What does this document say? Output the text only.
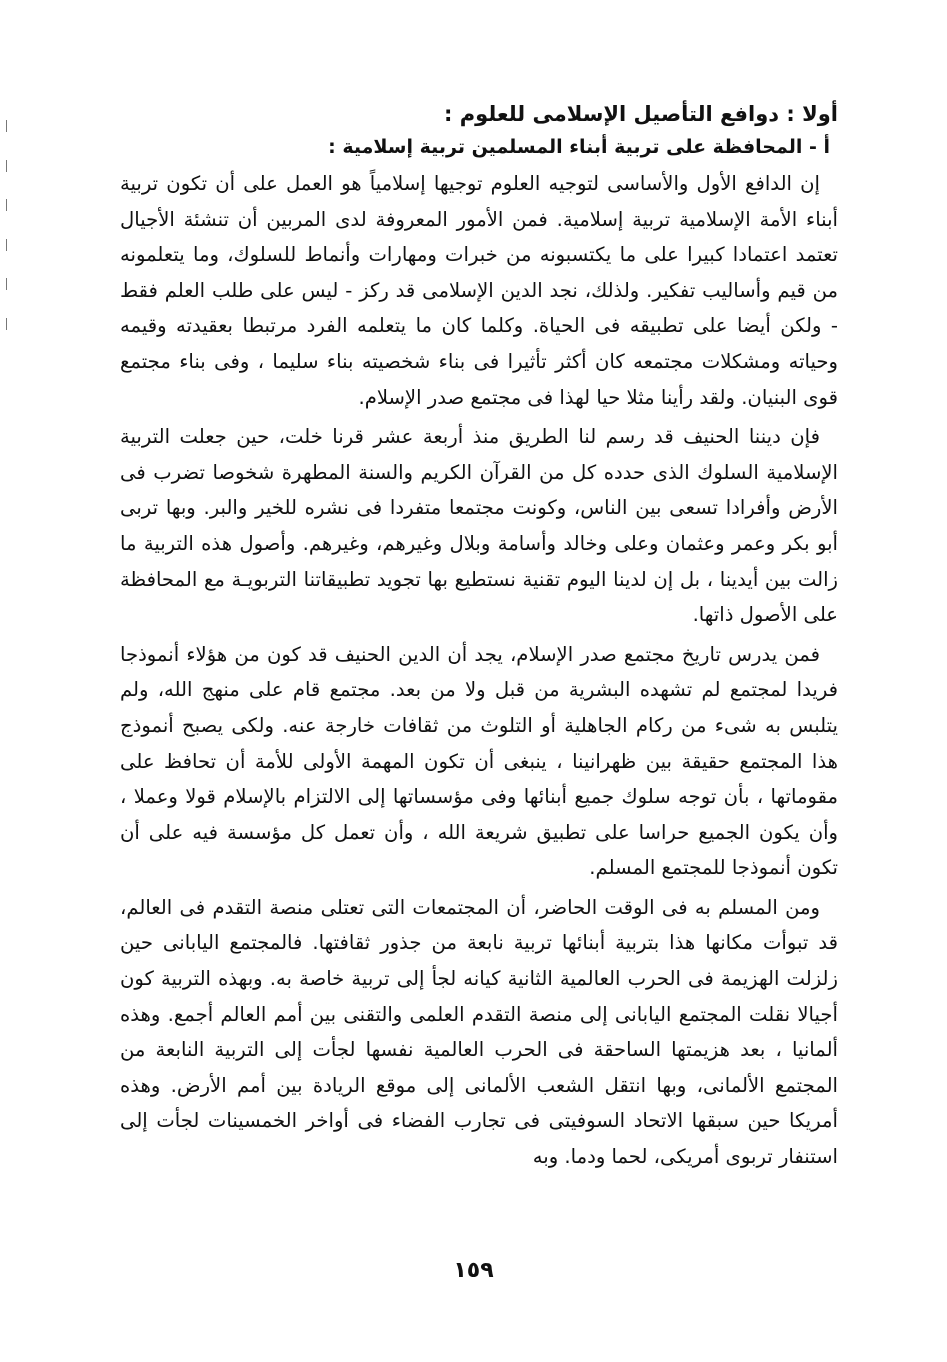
أولا : دوافع التأصيل الإسلامى للعلوم :
أ - المحافظة على تربية أبناء المسلمين تربية إسلامية :

إن الدافع الأول والأساسى لتوجيه العلوم توجيها إسلامياً هو العمل على أن تكون تربية أبناء الأمة الإسلامية تربية إسلامية. فمن الأمور المعروفة لدى المربين أن تنشئة الأجيال تعتمد اعتمادا كبيرا على ما يكتسبونه من خبرات ومهارات وأنماط للسلوك، وما يتعلمونه من قيم وأساليب تفكير. ولذلك، نجد الدين الإسلامى قد ركز - ليس على طلب العلم فقط - ولكن أيضا على تطبيقه فى الحياة. وكلما كان ما يتعلمه الفرد مرتبطا بعقيدته وقيمه وحياته ومشكلات مجتمعه كان أكثر تأثيرا فى بناء شخصيته بناء سليما ، وفى بناء مجتمع قوى البنيان. ولقد رأينا مثلا حيا لهذا فى مجتمع صدر الإسلام.

فإن ديننا الحنيف قد رسم لنا الطريق منذ أربعة عشر قرنا خلت، حين جعلت التربية الإسلامية السلوك الذى حدده كل من القرآن الكريم والسنة المطهرة شخوصا تضرب فى الأرض وأفرادا تسعى بين الناس، وكونت مجتمعا متفردا فى نشره للخير والبر. وبها تربى أبو بكر وعمر وعثمان وعلى وخالد وأسامة وبلال وغيرهم، وغيرهم. وأصول هذه التربية ما زالت بين أيدينا ، بل إن لدينا اليوم تقنية نستطيع بها تجويد تطبيقاتنا التربويـة مع المحافظة على الأصول ذاتها.

فمن يدرس تاريخ مجتمع صدر الإسلام، يجد أن الدين الحنيف قد كون من هؤلاء أنموذجا فريدا لمجتمع لم تشهده البشرية من قبل ولا من بعد. مجتمع قام على منهج الله، ولم يتلبس به شىء من ركام الجاهلية أو التلوث من ثقافات خارجة عنه. ولكى يصبح أنموذج هذا المجتمع حقيقة بين ظهرانينا ، ينبغى أن تكون المهمة الأولى للأمة أن تحافظ على مقوماتها ، بأن توجه سلوك جميع أبنائها وفى مؤسساتها إلى الالتزام بالإسلام قولا وعملا ، وأن يكون الجميع حراسا على تطبيق شريعة الله ، وأن تعمل كل مؤسسة فيه على أن تكون أنموذجا للمجتمع المسلم.

ومن المسلم به فى الوقت الحاضر، أن المجتمعات التى تعتلى منصة التقدم فى العالم، قد تبوأت مكانها هذا بتربية أبنائها تربية نابعة من جذور ثقافتها. فالمجتمع اليابانى حين زلزلت الهزيمة فى الحرب العالمية الثانية كيانه لجأ إلى تربية خاصة به. وبهذه التربية كون أجيالا نقلت المجتمع اليابانى إلى منصة التقدم العلمى والتقنى بين أمم العالم أجمع. وهذه ألمانيا ، بعد هزيمتها الساحقة فى الحرب العالمية نفسها لجأت إلى التربية النابعة من المجتمع الألمانى، وبها انتقل الشعب الألمانى إلى موقع الريادة بين أمم الأرض. وهذه أمريكا حين سبقها الاتحاد السوفيتى فى تجارب الفضاء فى أواخر الخمسينات لجأت إلى استنفار تربوى أمريكى، لحما ودما. وبه

١٥٩
